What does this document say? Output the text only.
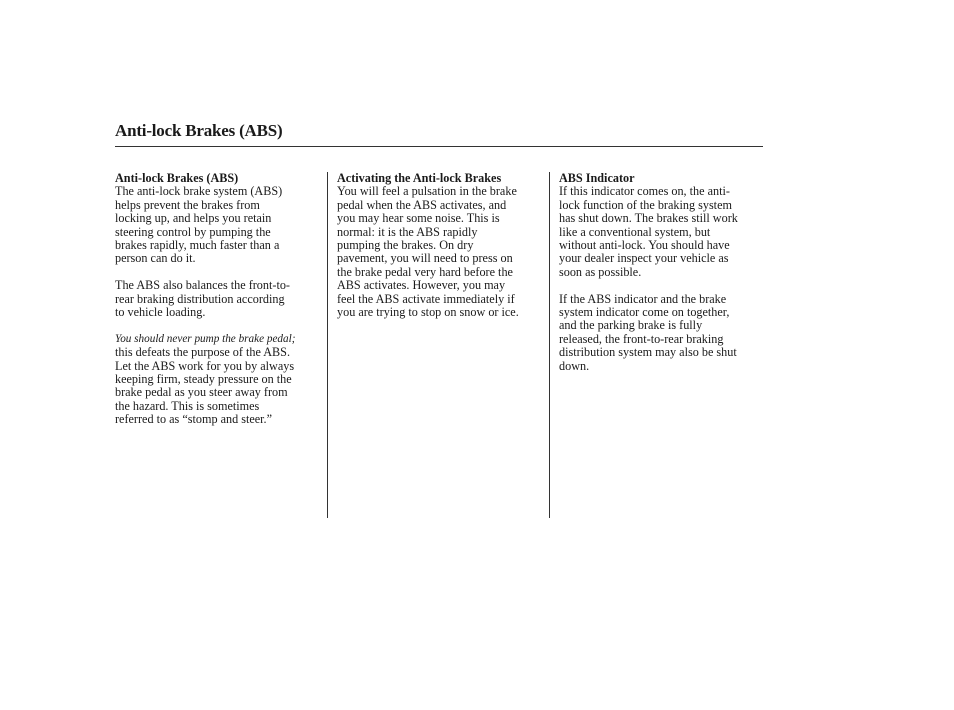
Anti-lock Brakes (ABS)
Anti-lock Brakes (ABS)

The anti-lock brake system (ABS)
helps prevent the brakes from
locking up, and helps you retain
steering control by pumping the
brakes rapidly, much faster than a
person can do it.

The ABS also balances the front-to-
rear braking distribution according
to vehicle loading.

You should never pump the brake pedal;
this defeats the purpose of the ABS.
Let the ABS work for you by always
keeping firm, steady pressure on the
brake pedal as you steer away from
the hazard. This is sometimes
referred to as “stomp and steer.”

Activating the Anti-lock Brakes

You will feel a pulsation in the brake
pedal when the ABS activates, and
you may hear some noise. This is
normal: it is the ABS rapidly
pumping the brakes. On dry
pavement, you will need to press on
the brake pedal very hard before the
ABS activates. However, you may
feel the ABS activate immediately if
you are trying to stop on snow or ice.

ABS Indicator

If this indicator comes on, the anti-
lock function of the braking system
has shut down. The brakes still work
like a conventional system, but
without anti-lock. You should have
your dealer inspect your vehicle as
soon as possible.

If the ABS indicator and the brake
system indicator come on together,
and the parking brake is fully
released, the front-to-rear braking
distribution system may also be shut
down.
